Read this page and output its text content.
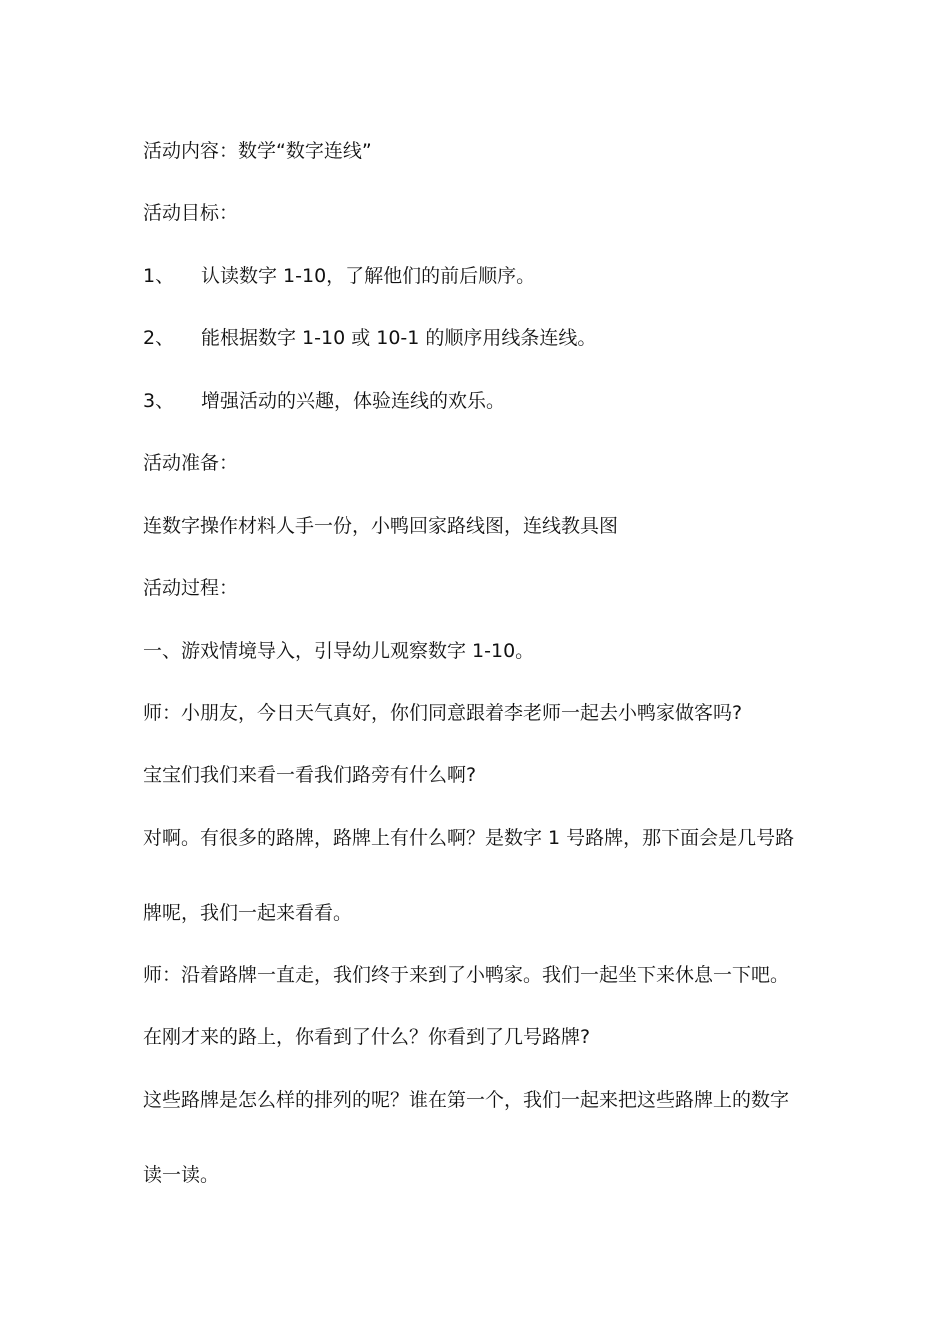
活动内容：数学“数字连线”
活动目标：
1、 认读数字 1-10，了解他们的前后顺序。
2、 能根据数字 1-10 或 10-1 的顺序用线条连线。
3、 增强活动的兴趣，体验连线的欢乐。
活动准备：
连数字操作材料人手一份，小鸭回家路线图，连线教具图
活动过程：
一、游戏情境导入，引导幼儿观察数字 1-10。
师：小朋友，今日天气真好，你们同意跟着李老师一起去小鸭家做客吗?
宝宝们我们来看一看我们路旁有什么啊?
对啊。有很多的路牌，路牌上有什么啊？是数字 1 号路牌，那下面会是几号路
牌呢，我们一起来看看。
师：沿着路牌一直走，我们终于来到了小鸭家。我们一起坐下来休息一下吧。
在刚才来的路上，你看到了什么？你看到了几号路牌?
这些路牌是怎么样的排列的呢？谁在第一个，我们一起来把这些路牌上的数字
读一读。
